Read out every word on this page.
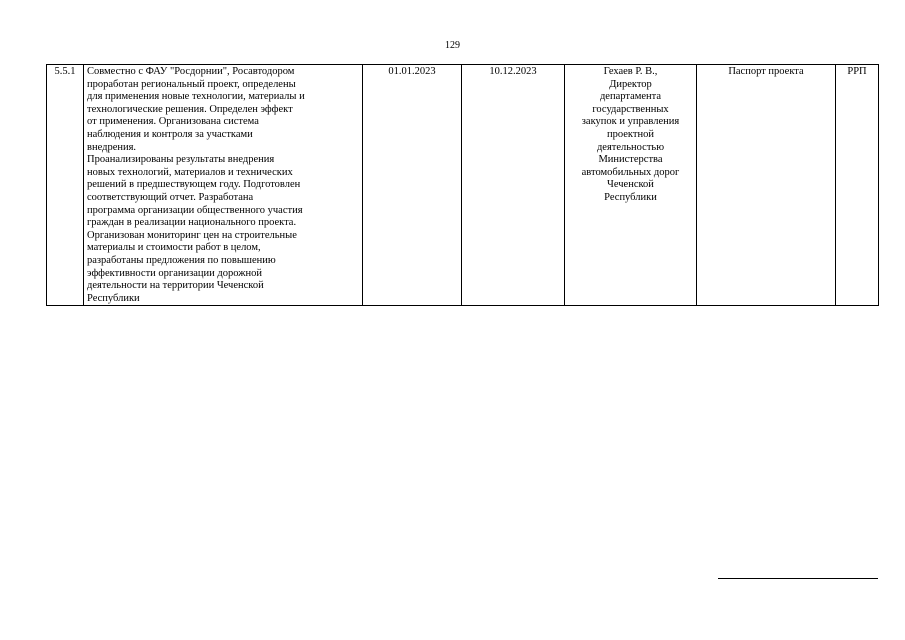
129
5.5.1	Совместно с ФАУ "Росдорнии", Росавтодором
проработан региональный проект, определены
для применения новые технологии, материалы и
технологические решения. Определен эффект
от применения. Организована система
наблюдения и контроля за участками
внедрения.
Проанализированы результаты внедрения
новых технологий, материалов и технических
решений в предшествующем году. Подготовлен
соответствующий отчет. Разработана
программа организации общественного участия
граждан в реализации национального проекта.
Организован мониторинг цен на строительные
материалы и стоимости работ в целом,
разработаны предложения по повышению
эффективности организации дорожной
деятельности на территории Чеченской
Республики	01.01.2023	10.12.2023	Гехаев Р. В.,
Директор
департамента
государственных
закупок и управления
проектной
деятельностью
Министерства
автомобильных дорог
Чеченской
Республики	Паспорт проекта	РРП
